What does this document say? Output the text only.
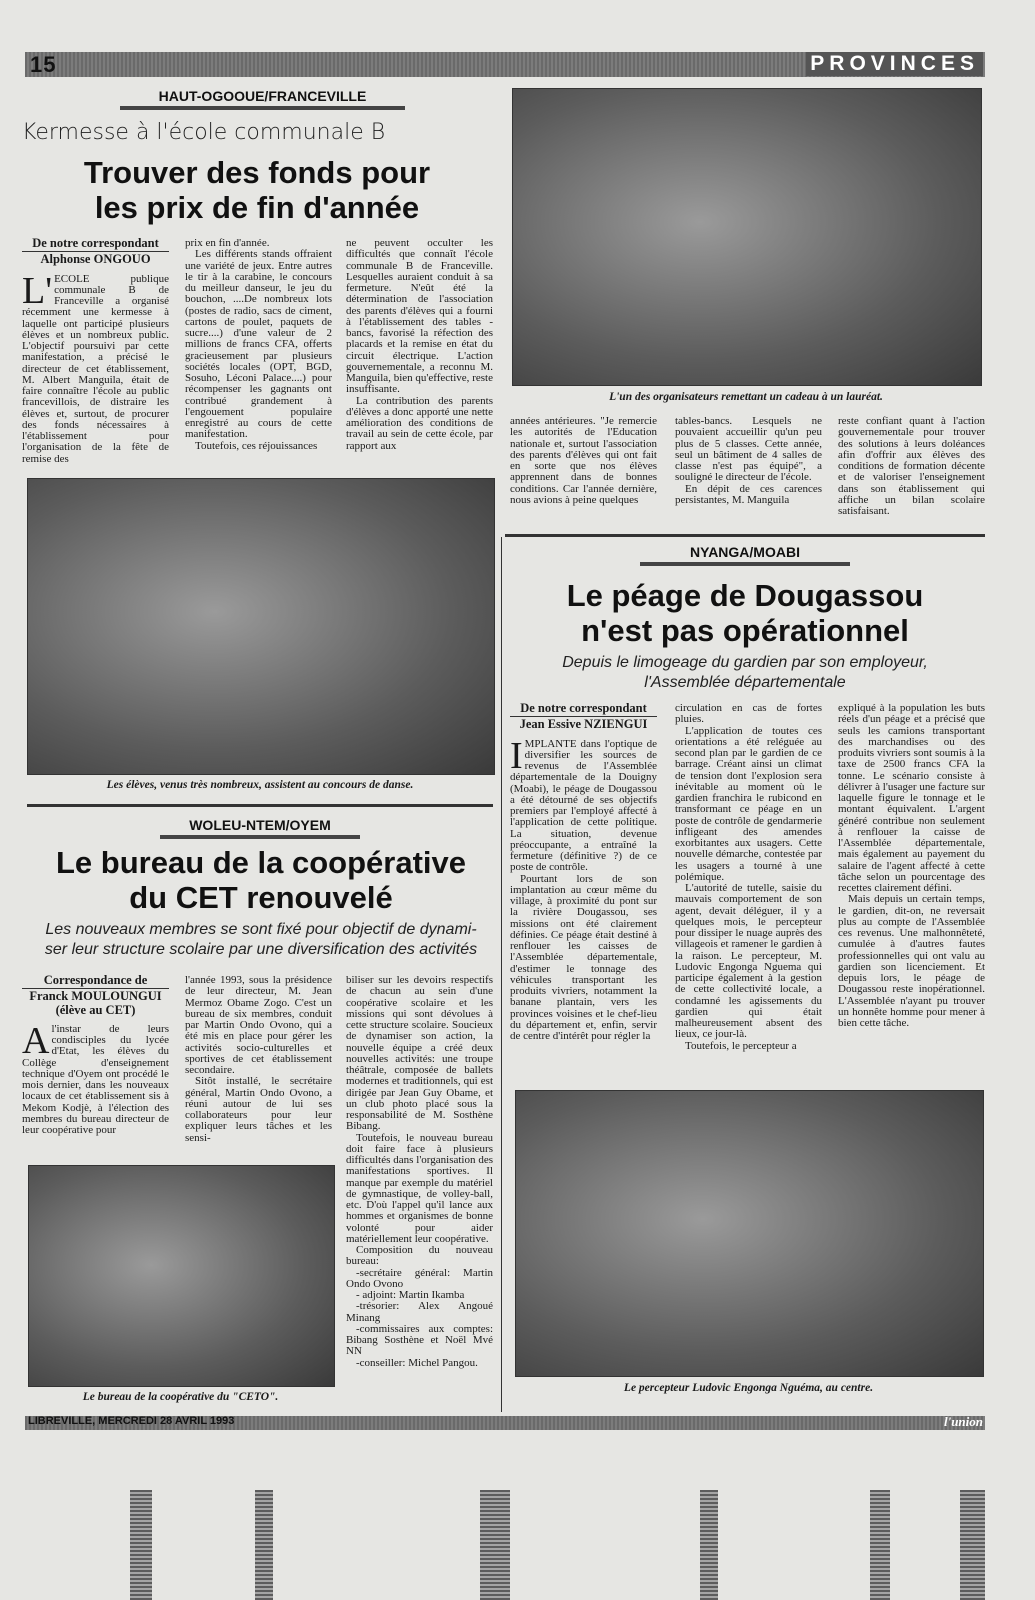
15	PROVINCES
HAUT-OGOOUE/FRANCEVILLE
Kermesse à l'école communale B
Trouver des fonds pour
les prix de fin d'année
De notre correspondant
Alphonse ONGOUO

L'ECOLE publique communale B de Franceville a organisé récemment une kermesse à laquelle ont participé plusieurs élèves et un nombreux public. L'objectif poursuivi par cette manifestation, a précisé le directeur de cet établissement, M. Albert Manguila, était de faire connaître l'école au public francevillois, de distraire les élèves et, surtout, de procurer des fonds nécessaires à l'établissement pour l'organisation de la fête de remise des

prix en fin d'année.

Les différents stands offraient une variété de jeux. Entre autres le tir à la carabine, le concours du meilleur danseur, le jeu du bouchon, ....De nombreux lots (postes de radio, sacs de ciment, cartons de poulet, paquets de sucre....) d'une valeur de 2 millions de francs CFA, offerts gracieusement par plusieurs sociétés locales (OPT, BGD, Sosuho, Léconi Palace....) pour récompenser les gagnants ont contribué grandement à l'engouement populaire enregistré au cours de cette manifestation.

Toutefois, ces réjouissances

ne peuvent occulter les difficultés que connaît l'école communale B de Franceville. Lesquelles auraient conduit à sa fermeture. N'eût été la détermination de l'association des parents d'élèves qui a fourni à l'établissement des tables -bancs, favorisé la réfection des placards et la remise en état du circuit électrique. L'action gouvernementale, a reconnu M. Manguila, bien qu'effective, reste insuffisante.

La contribution des parents d'élèves a donc apporté une nette amélioration des conditions de travail au sein de cette école, par rapport aux

L'un des organisateurs remettant un cadeau à un lauréat.

années antérieures. "Je remercie les autorités de l'Education nationale et, surtout l'association des parents d'élèves qui ont fait en sorte que nos élèves apprennent dans de bonnes conditions. Car l'année dernière, nous avions à peine quelques

tables-bancs. Lesquels ne pouvaient accueillir qu'un peu plus de 5 classes. Cette année, seul un bâtiment de 4 salles de classe n'est pas équipé", a souligné le directeur de l'école.

En dépit de ces carences persistantes, M. Manguila

reste confiant quant à l'action gouvernementale pour trouver des solutions à leurs doléances afin d'offrir aux élèves des conditions de formation décente et de valoriser l'enseignement dans son établissement qui affiche un bilan scolaire satisfaisant.

Les élèves, venus très nombreux, assistent au concours de danse.
NYANGA/MOABI
Le péage de Dougassou
n'est pas opérationnel
Depuis le limogeage du gardien par son employeur,
l'Assemblée départementale
De notre correspondant
Jean Essive NZIENGUI

IMPLANTE dans l'optique de diversifier les sources de revenus de l'Assemblée départementale de la Douigny (Moabi), le péage de Dougassou a été détourné de ses objectifs premiers par l'employé affecté à l'application de cette politique. La situation, devenue préoccupante, a entraîné la fermeture (définitive ?) de ce poste de contrôle.

Pourtant lors de son implantation au cœur même du village, à proximité du pont sur la rivière Dougassou, ses missions ont été clairement définies. Ce péage était destiné à renflouer les caisses de l'Assemblée départementale, d'estimer le tonnage des véhicules transportant les produits vivriers, notamment la banane plantain, vers les provinces voisines et le chef-lieu du département et, enfin, servir de centre d'intérêt pour régler la

circulation en cas de fortes pluies.

L'application de toutes ces orientations a été reléguée au second plan par le gardien de ce barrage. Créant ainsi un climat de tension dont l'explosion sera inévitable au moment où le gardien franchira le rubicond en transformant ce péage en un poste de contrôle de gendarmerie infligeant des amendes exorbitantes aux usagers. Cette nouvelle démarche, contestée par les usagers a tourné à une polémique.

L'autorité de tutelle, saisie du mauvais comportement de son agent, devait déléguer, il y a quelques mois, le percepteur pour dissiper le nuage auprès des villageois et ramener le gardien à la raison. Le percepteur, M. Ludovic Engonga Nguema qui participe également à la gestion de cette collectivité locale, a condamné les agissements du gardien qui était malheureusement absent des lieux, ce jour-là.

Toutefois, le percepteur a

expliqué à la population les buts réels d'un péage et a précisé que seuls les camions transportant des marchandises ou des produits vivriers sont soumis à la taxe de 2500 francs CFA la tonne. Le scénario consiste à délivrer à l'usager une facture sur laquelle figure le tonnage et le montant équivalent. L'argent généré contribue non seulement à renflouer la caisse de l'Assemblée départementale, mais également au payement du salaire de l'agent affecté à cette tâche selon un pourcentage des recettes clairement défini.

Mais depuis un certain temps, le gardien, dit-on, ne reversait plus au compte de l'Assemblée ces revenus. Une malhonnêteté, cumulée à d'autres fautes professionnelles qui ont valu au gardien son licenciement. Et depuis lors, le péage de Dougassou reste inopérationnel. L'Assemblée n'ayant pu trouver un honnête homme pour mener à bien cette tâche.

Le percepteur Ludovic Engonga Nguéma, au centre.
WOLEU-NTEM/OYEM
Le bureau de la coopérative
du CET renouvelé
Les nouveaux membres se sont fixé pour objectif de dynami-
ser leur structure scolaire par une diversification des activités
Correspondance de
Franck MOULOUNGUI
(élève au CET)

Al'instar de leurs condisciples du lycée d'Etat, les élèves du Collège d'enseignement technique d'Oyem ont procédé le mois dernier, dans les nouveaux locaux de cet établissement sis à Mekom Kodjè, à l'élection des membres du bureau directeur de leur coopérative pour

l'année 1993, sous la présidence de leur directeur, M. Jean Mermoz Obame Zogo. C'est un bureau de six membres, conduit par Martin Ondo Ovono, qui a été mis en place pour gérer les activités socio-culturelles et sportives de cet établissement secondaire.

Sitôt installé, le secrétaire général, Martin Ondo Ovono, a réuni autour de lui ses collaborateurs pour leur expliquer leurs tâches et les sensi-

biliser sur les devoirs respectifs de chacun au sein d'une coopérative scolaire et les missions qui sont dévolues à cette structure scolaire. Soucieux de dynamiser son action, la nouvelle équipe a créé deux nouvelles activités: une troupe théâtrale, composée de ballets modernes et traditionnels, qui est dirigée par Jean Guy Obame, et un club photo placé sous la responsabilité de M. Sosthène Bibang.

Toutefois, le nouveau bureau doit faire face à plusieurs difficultés dans l'organisation des manifestations sportives. Il manque par exemple du matériel de gymnastique, de volley-ball, etc. D'où l'appel qu'il lance aux hommes et organismes de bonne volonté pour aider matériellement leur coopérative.

Composition du nouveau bureau:

-secrétaire général: Martin Ondo Ovono

- adjoint: Martin Ikamba

-trésorier: Alex Angoué Minang

-commissaires aux comptes: Bibang Sosthène et Noël Mvé NN

-conseiller: Michel Pangou.

Le bureau de la coopérative du "CETO".
LIBREVILLE, MERCREDI 28 AVRIL 1993	l'union
